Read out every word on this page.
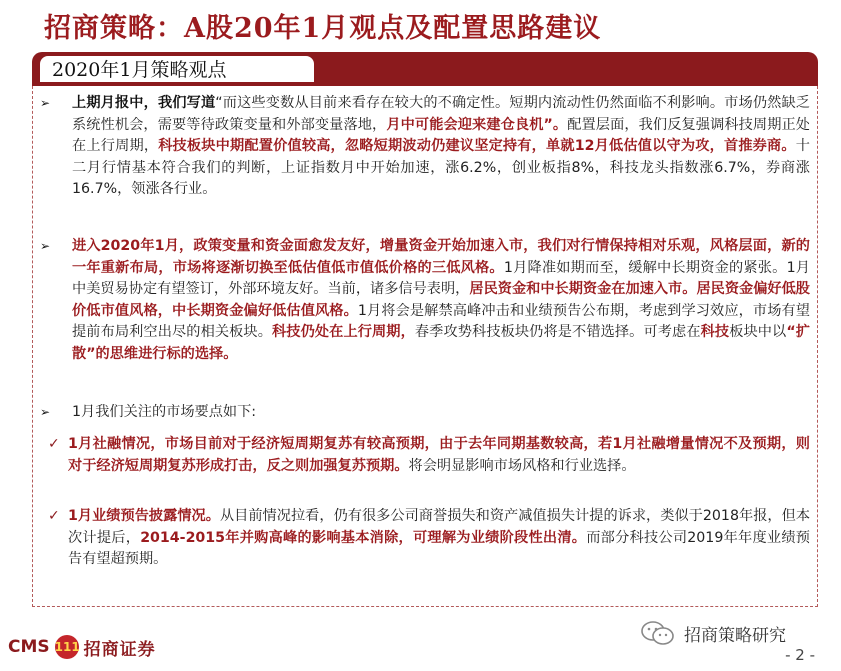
招商策略：A股20年1月观点及配置思路建议
2020年1月策略观点
➢ 上期月报中，我们写道“而这些变数从目前来看存在较大的不确定性。短期内流动性仍然面临不利影响。市场仍然缺乏系统性机会，需要等待政策变量和外部变量落地，月中可能会迎来建仓良机”。配置层面，我们反复强调科技周期正处在上行周期，科技板块中期配置价值较高，忽略短期波动仍建议坚定持有，单就12月低估值以守为攻，首推券商。十二月行情基本符合我们的判断，上证指数月中开始加速，涨6.2%，创业板指8%，科技龙头指数涨6.7%，券商涨16.7%，领涨各行业。
➢ 进入2020年1月，政策变量和资金面愈发友好，增量资金开始加速入市，我们对行情保持相对乐观，风格层面，新的一年重新布局，市场将逐渐切换至低估值低市值低价格的三低风格。1月降准如期而至，缓解中长期资金的紧张。1月中美贸易协定有望签订，外部环境友好。当前，诸多信号表明，居民资金和中长期资金在加速入市。居民资金偏好低股价低市值风格，中长期资金偏好低估值风格。1月将会是解禁高峰冲击和业绩预告公布期，考虑到学习效应，市场有望提前布局利空出尽的相关板块。科技仍处在上行周期，春季攻势科技板块仍将是不错选择。可考虑在科技板块中以“扩散”的思维进行标的选择。
➢ 1月我们关注的市场要点如下:
✓ 1月社融情况，市场目前对于经济短周期复苏有较高预期，由于去年同期基数较高，若1月社融增量情况不及预期，则对于经济短周期复苏形成打击，反之则加强复苏预期。将会明显影响市场风格和行业选择。
✓ 1月业绩预告披露情况。从目前情况拉看，仍有很多公司商誉损失和资产减值损失计提的诉求，类似于2018年报，但本次计提后，2014-2015年并购高峰的影响基本消除，可理解为业绩阶段性出清。而部分科技公司2019年年度业绩预告有望超预期。
CMS 111 招商证券
招商策略研究
- 2 -
